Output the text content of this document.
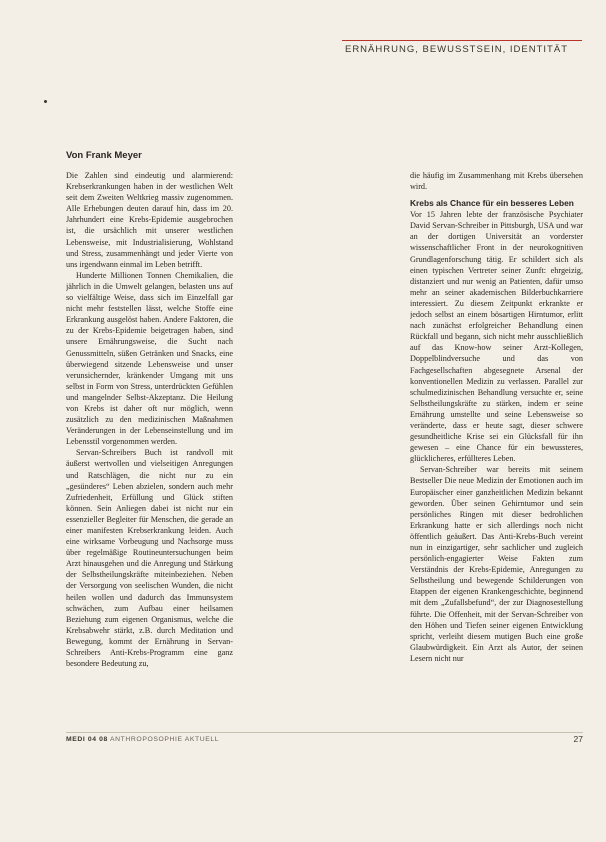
ERNÄHRUNG, BEWUSSTSEIN, IDENTITÄT
Von Frank Meyer

Die Zahlen sind eindeutig und alarmierend: Krebserkrankungen haben in der westlichen Welt seit dem Zweiten Weltkrieg massiv zugenommen. Alle Erhebungen deuten darauf hin, dass im 20. Jahrhundert eine Krebs-Epidemie ausgebrochen ist, die ursächlich mit unserer westlichen Lebensweise, mit Industrialisierung, Wohlstand und Stress, zusammenhängt und jeder Vierte von uns irgendwann einmal im Leben betrifft.

Hunderte Millionen Tonnen Chemikalien, die jährlich in die Umwelt gelangen, belasten uns auf so vielfältige Weise, dass sich im Einzelfall gar nicht mehr feststellen lässt, welche Stoffe eine Erkrankung ausgelöst haben. Andere Faktoren, die zu der Krebs-Epidemie beigetragen haben, sind unsere Ernährungsweise, die Sucht nach Genussmitteln, süßen Getränken und Snacks, eine überwiegend sitzende Lebensweise und unser verunsichernder, kränkender Umgang mit uns selbst in Form von Stress, unterdrückten Gefühlen und mangelnder Selbst-Akzeptanz. Die Heilung von Krebs ist daher oft nur möglich, wenn zusätzlich zu den medizinischen Maßnahmen Veränderungen in der Lebenseinstellung und im Lebensstil vorgenommen werden.

Servan-Schreibers Buch ist randvoll mit äußerst wertvollen und vielseitigen Anregungen und Ratschlägen, die nicht nur zu ein „gesünderes“ Leben abzielen, sondern auch mehr Zufriedenheit, Erfüllung und Glück stiften können. Sein Anliegen dabei ist nicht nur ein essenzieller Begleiter für Menschen, die gerade an einer manifesten Krebserkrankung leiden. Auch eine wirksame Vorbeugung und Nachsorge muss über regelmäßige Routineuntersuchungen beim Arzt hinausgehen und die Anregung und Stärkung der Selbstheilungskräfte miteinbeziehen. Neben der Versorgung von seelischen Wunden, die nicht heilen wollen und dadurch das Immunsystem schwächen, zum Aufbau einer heilsamen Beziehung zum eigenen Organismus, welche die Krebsabwehr stärkt, z.B. durch Meditation und Bewegung, kommt der Ernährung in Servan-Schreibers Anti-Krebs-Programm eine ganz besondere Bedeutung zu,

die häufig im Zusammenhang mit Krebs übersehen wird.

Krebs als Chance für ein besseres Leben

Vor 15 Jahren lebte der französische Psychiater David Servan-Schreiber in Pittsburgh, USA und war an der dortigen Universität an vorderster wissenschaftlicher Front in der neurokognitiven Grundlagenforschung tätig. Er schildert sich als einen typischen Vertreter seiner Zunft: ehrgeizig, distanziert und nur wenig an Patienten, dafür umso mehr an seiner akademischen Bilderbuchkarriere interessiert. Zu diesem Zeitpunkt erkrankte er jedoch selbst an einem bösartigen Hirntumor, erlitt nach zunächst erfolgreicher Behandlung einen Rückfall und begann, sich nicht mehr ausschließlich auf das Know-how seiner Arzt-Kollegen, Doppelblindversuche und das von Fachgesellschaften abgesegnete Arsenal der konventionellen Medizin zu verlassen. Parallel zur schulmedizinischen Behandlung versuchte er, seine Selbstheilungskräfte zu stärken, indem er seine Ernährung umstellte und seine Lebensweise so veränderte, dass er heute sagt, dieser schwere gesundheitliche Krise sei ein Glücksfall für ihn gewesen – eine Chance für ein bewussteres, glücklicheres, erfüllteres Leben.

Servan-Schreiber war bereits mit seinem Bestseller Die neue Medizin der Emotionen auch im Europäischer einer ganzheitlichen Medizin bekannt geworden. Über seinen Gehirntumor und sein persönliches Ringen mit dieser bedrohlichen Erkrankung hatte er sich allerdings noch nicht öffentlich geäußert. Das Anti-Krebs-Buch vereint nun in einzigartiger, sehr sachlicher und zugleich persönlich-engagierter Weise Fakten zum Verständnis der Krebs-Epidemie, Anregungen zu Selbstheilung und bewegende Schilderungen von Etappen der eigenen Krankengeschichte, beginnend mit dem „Zufallsbefund“, der zur Diagnosestellung führte. Die Offenheit, mit der Servan-Schreiber von den Höhen und Tiefen seiner eigenen Entwicklung spricht, verleiht diesem mutigen Buch eine große Glaubwürdigkeit. Ein Arzt als Autor, der seinen Lesern nicht nur

MEDI 04 08 ANTHROPOSOPHIE AKTUELL	27
